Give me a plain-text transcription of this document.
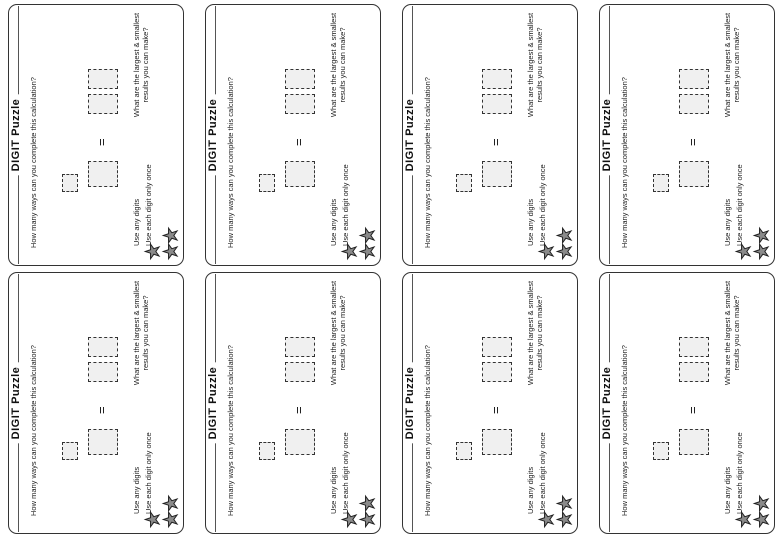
DIGIT Puzzle How many ways can you complete this calculation?	=
Use any digits Use each digit only once
What are the largest & smallest results you can make?
★
★
★
DIGIT Puzzle How many ways can you complete this calculation?	=
Use any digits Use each digit only once
What are the largest & smallest results you can make?
★
★
★
DIGIT Puzzle How many ways can you complete this calculation?	=
Use any digits Use each digit only once
What are the largest & smallest results you can make?
★
★
★
DIGIT Puzzle How many ways can you complete this calculation?	=
Use any digits Use each digit only once
What are the largest & smallest results you can make?
★
★
★
DIGIT Puzzle How many ways can you complete this calculation?	=
Use any digits Use each digit only once
What are the largest & smallest results you can make?
★
★
★
DIGIT Puzzle How many ways can you complete this calculation?	=
Use any digits Use each digit only once
What are the largest & smallest results you can make?
★
★
★
DIGIT Puzzle How many ways can you complete this calculation?	=
Use any digits Use each digit only once
What are the largest & smallest results you can make?
★
★
★
DIGIT Puzzle How many ways can you complete this calculation?	=
Use any digits Use each digit only once
What are the largest & smallest results you can make?
★
★
★
